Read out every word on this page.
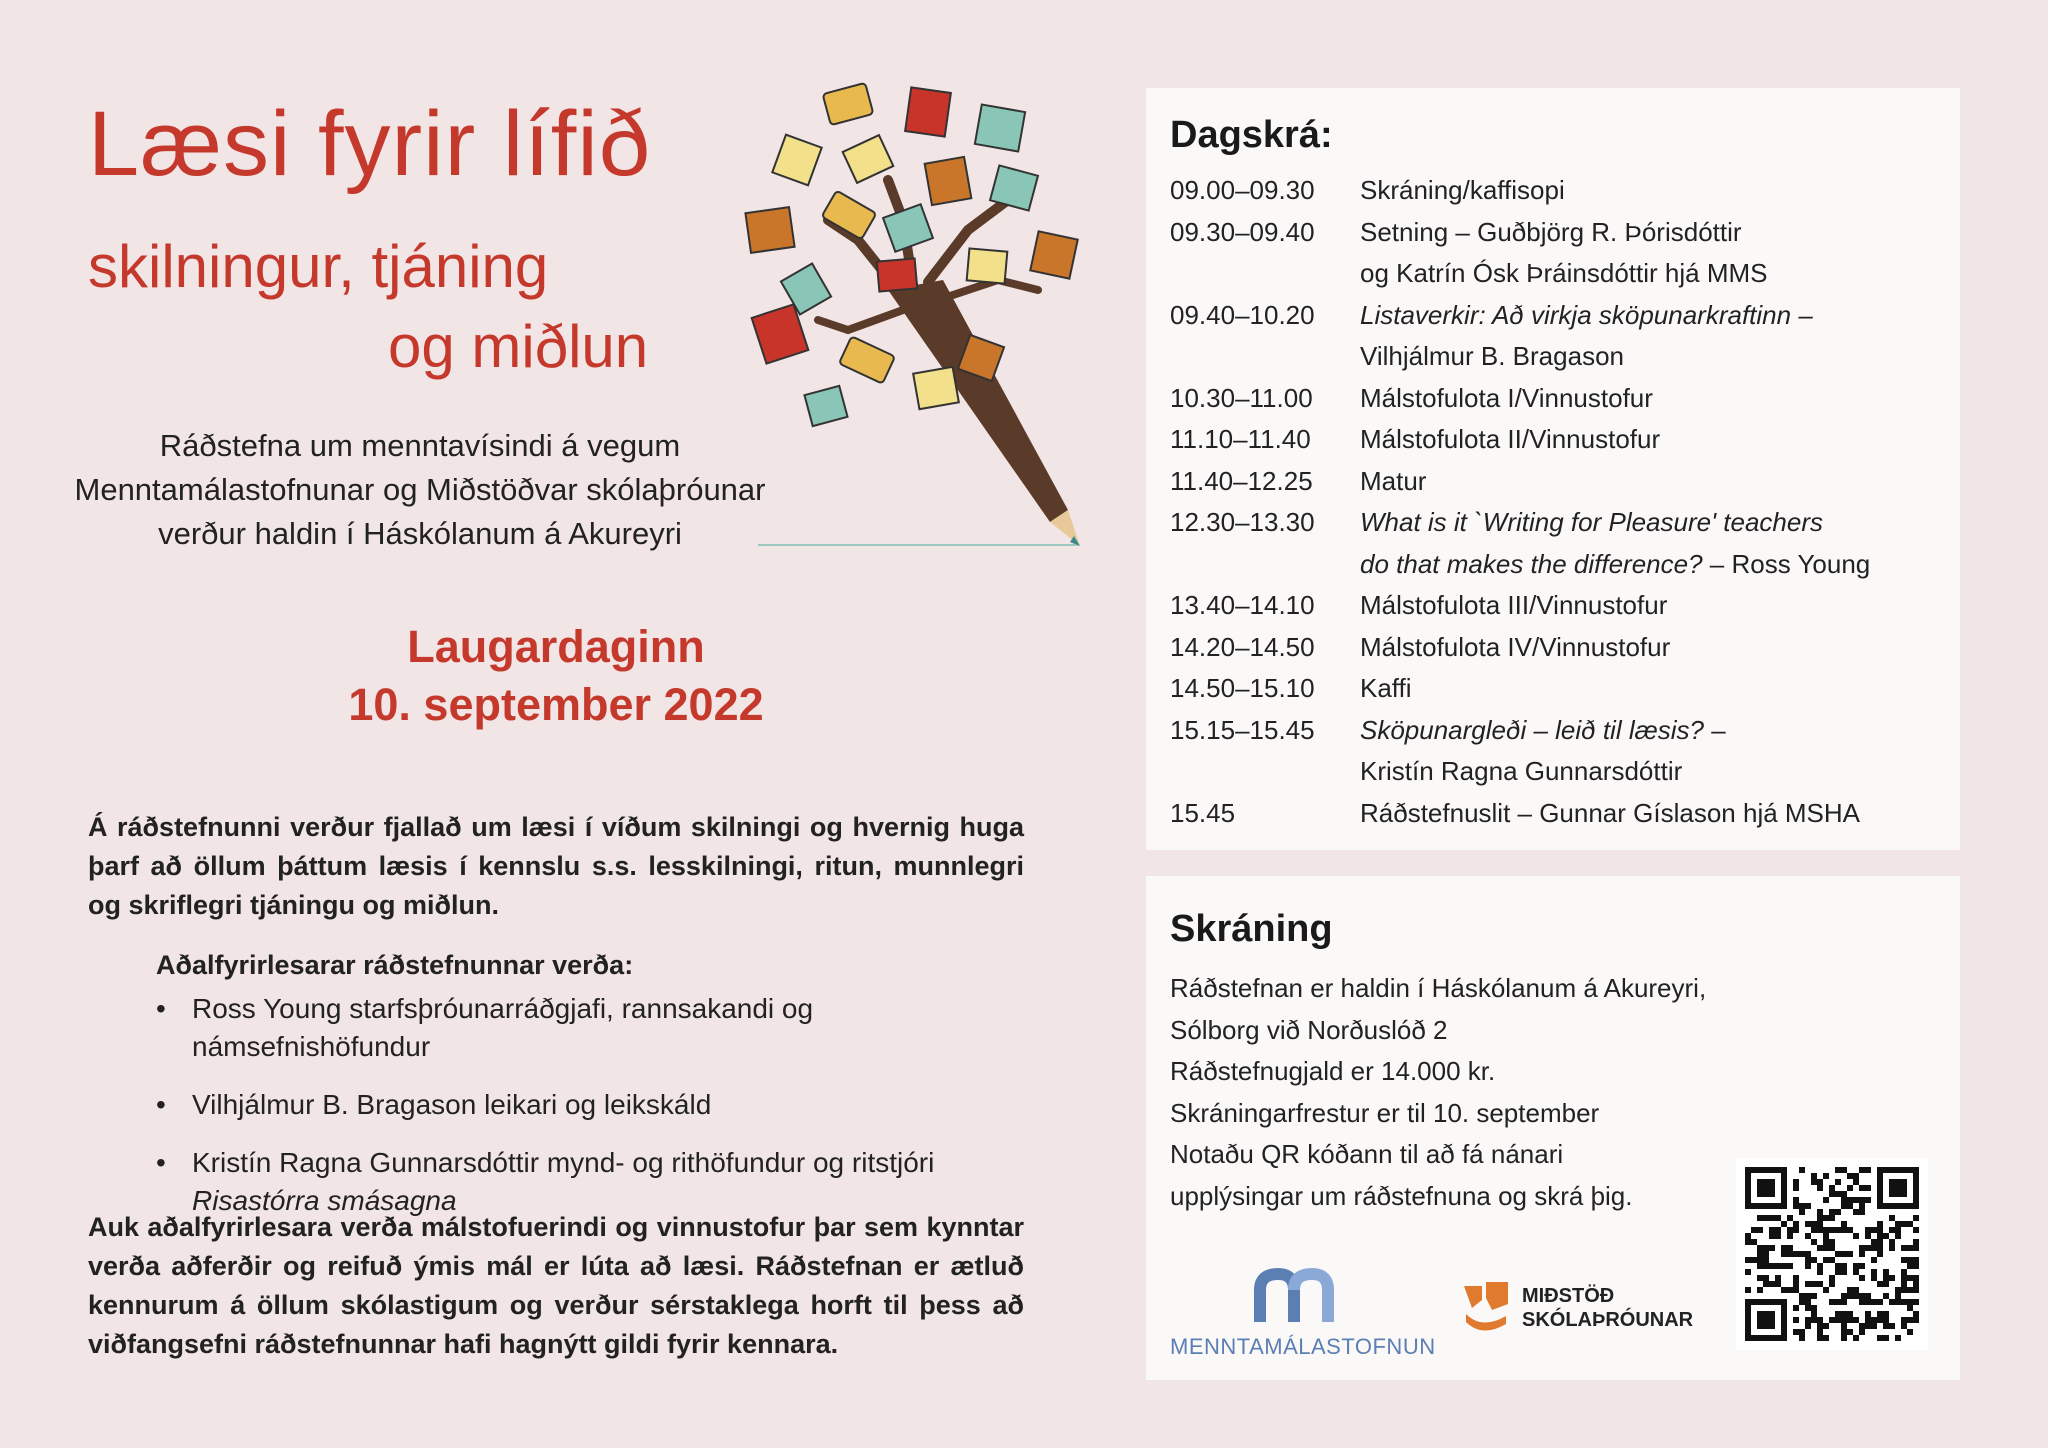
Læsi fyrir lífið
skilningur, tjáning
og miðlun
Ráðstefna um menntavísindi á vegum
Menntamálastofnunar og Miðstöðvar skólaþróunar
verður haldin í Háskólanum á Akureyri
Laugardaginn
10. september 2022
Á ráðstefnunni verður fjallað um læsi í víðum skilningi og hvernig huga þarf að öllum þáttum læsis í kennslu s.s. lesskilningi, ritun, munnlegri og skriflegri tjáningu og miðlun.
Aðalfyrirlesarar ráðstefnunnar verða:
• Ross Young starfsþróunarráðgjafi, rannsakandi og námsefnishöfundur
• Vilhjálmur B. Bragason leikari og leikskáld
• Kristín Ragna Gunnarsdóttir mynd- og rithöfundur og ritstjóri Risastórra smásagna
Auk aðalfyrirlesara verða málstofuerindi og vinnustofur þar sem kynntar verða aðferðir og reifuð ýmis mál er lúta að læsi. Ráðstefnan er ætluð kennurum á öllum skólastigum og verður sérstaklega horft til þess að viðfangsefni ráðstefnunnar hafi hagnýtt gildi fyrir kennara.
Dagskrá:
09.00–09.30	Skráning/kaffisopi
09.30–09.40	Setning – Guðbjörg R. Þórisdóttir
og Katrín Ósk Þráinsdóttir hjá MMS
09.40–10.20	Listaverkir: Að virkja sköpunarkraftinn –
Vilhjálmur B. Bragason
10.30–11.00	Málstofulota I/Vinnustofur
11.10–11.40	Málstofulota II/Vinnustofur
11.40–12.25	Matur
12.30–13.30	What is it `Writing for Pleasure' teachers
do that makes the difference? – Ross Young
13.40–14.10	Málstofulota III/Vinnustofur
14.20–14.50	Málstofulota IV/Vinnustofur
14.50–15.10	Kaffi
15.15–15.45	Sköpunargleði – leið til læsis? –
Kristín Ragna Gunnarsdóttir
15.45	Ráðstefnuslit – Gunnar Gíslason hjá MSHA
Skráning
Ráðstefnan er haldin í Háskólanum á Akureyri,
Sólborg við Norðuslóð 2
Ráðstefnugjald er 14.000 kr.
Skráningarfrestur er til 10. september
Notaðu QR kóðann til að fá nánari
upplýsingar um ráðstefnuna og skrá þig.
MENNTAMÁLASTOFNUN
MIÐSTÖÐ
SKÓLAÞRÓUNAR
